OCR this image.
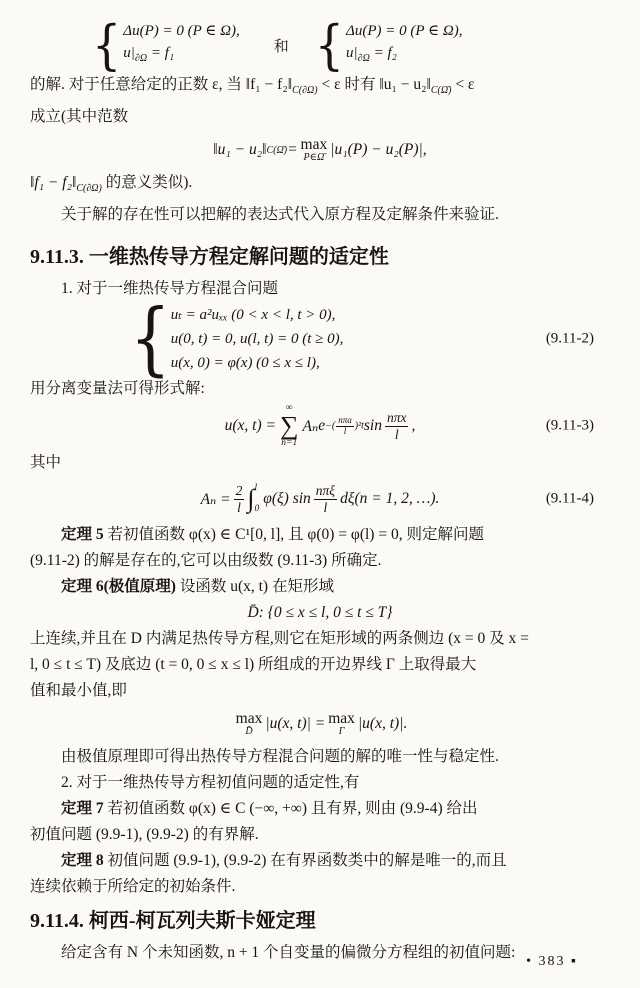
{ Δu(P) = 0 (P ∈ Ω),
$u|_{\partial\Omega} = f_1$	和 { Δu(P) = 0 (P ∈ Ω),
$u|_{\partial\Omega} = f_2$
的解. 对于任意给定的正数 ε, 当 ‖f₁ − $f_2‖_{C(\partial\Omega)} < \varepsilon$ 时有 ‖u₁ − $u_2‖_{C(\Omegā)} < \varepsilon$
成立(其中范数
‖u₁ − u₂‖ C(Ω̄) = max
P∈Ω̄ |u₁(P) − u₂(P)|,
‖f₁ − $f_2‖_{C(\partial\Omega)}$ 的意义类似).
关于解的存在性可以把解的表达式代入原方程及定解条件来验证.
9.11.3. 一维热传导方程定解问题的适定性
1. 对于一维热传导方程混合问题
{ uₜ = a²uₓₓ (0 < x < l, t > 0),
u(0, t) = 0, u(l, t) = 0 (t ≥ 0),
u(x, 0) = φ(x) (0 ≤ x ≤ l),
(9.11-2)
用分离变量法可得形式解:
u(x, t) =
∞
∑
n=1
Aₙ e −( $\frac{\text{nπa}}{l} )^2t$ $\sin \frac{\text{nπx}}{l}$ ,	(9.11-3)
其中
$A_n = \frac{2}{l}$ ∫ l
0
φ(ξ) $\sin \frac{\text{nπξ}}{l}$ dξ (n = 1, 2, …).	(9.11-4)
定理 5 若初值函数 φ(x) ∈ C¹[0, l], 且 φ(0) = φ(l) = 0, 则定解问题
(9.11-2) 的解是存在的,它可以由级数 (9.11-3) 所确定.
定理 6(极值原理) 设函数 u(x, t) 在矩形域
D̄: {0 ≤ x ≤ l, 0 ≤ t ≤ T}
上连续,并且在 D 内满足热传导方程,则它在矩形域的两条侧边 (x = 0 及 x =
l, 0 ≤ t ≤ T) 及底边 (t = 0, 0 ≤ x ≤ l) 所组成的开边界线 Γ 上取得最大
值和最小值,即
max
D̄ |u(x, t)| = max
Γ |u(x, t)|.
由极值原理即可得出热传导方程混合问题的解的唯一性与稳定性.
2. 对于一维热传导方程初值问题的适定性,有
定理 7 若初值函数 φ(x) ∈ C (−∞, +∞) 且有界, 则由 (9.9-4) 给出
初值问题 (9.9-1), (9.9-2) 的有界解.
定理 8 初值问题 (9.9-1), (9.9-2) 在有界函数类中的解是唯一的,而且
连续依赖于所给定的初始条件.
9.11.4. 柯西-柯瓦列夫斯卡娅定理
给定含有 N 个未知函数, n + 1 个自变量的偏微分方程组的初值问题:
• 383 ▪
